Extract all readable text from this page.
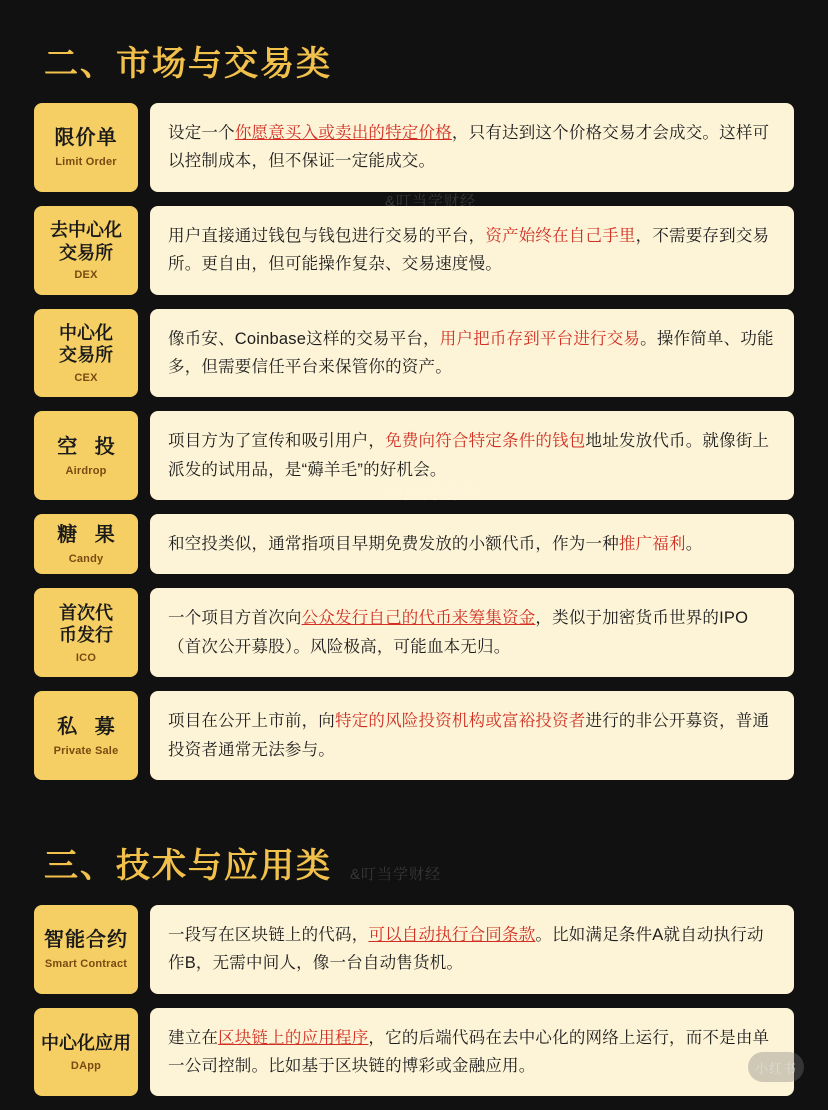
二、市场与交易类
限价单
Limit Order

设定一个你愿意买入或卖出的特定价格，只有达到这个价格交易才会成交。这样可以控制成本，但不保证一定能成交。

去中心化
交易所
DEX

用户直接通过钱包与钱包进行交易的平台，资产始终在自己手里，不需要存到交易所。更自由，但可能操作复杂、交易速度慢。

中心化
交易所
CEX

像币安、Coinbase这样的交易平台，用户把币存到平台进行交易。操作简单、功能多，但需要信任平台来保管你的资产。

空 投
Airdrop

项目方为了宣传和吸引用户，免费向符合特定条件的钱包地址发放代币。就像街上派发的试用品，是“薅羊毛”的好机会。

糖 果
Candy

和空投类似，通常指项目早期免费发放的小额代币，作为一种推广福利。

首次代
币发行
ICO

一个项目方首次向公众发行自己的代币来筹集资金，类似于加密货币世界的IPO（首次公开募股）。风险极高，可能血本无归。

私 募
Private Sale

项目在公开上市前，向特定的风险投资机构或富裕投资者进行的非公开募资，普通投资者通常无法参与。

三、技术与应用类
智能合约
Smart Contract

一段写在区块链上的代码，可以自动执行合同条款。比如满足条件A就自动执行动作B，无需中间人，像一台自动售货机。

中心化应用
DApp

建立在区块链上的应用程序，它的后端代码在去中心化的网络上运行，而不是由单一公司控制。比如基于区块链的博彩或金融应用。

&叮当学财经
&叮当学财经
小红书
